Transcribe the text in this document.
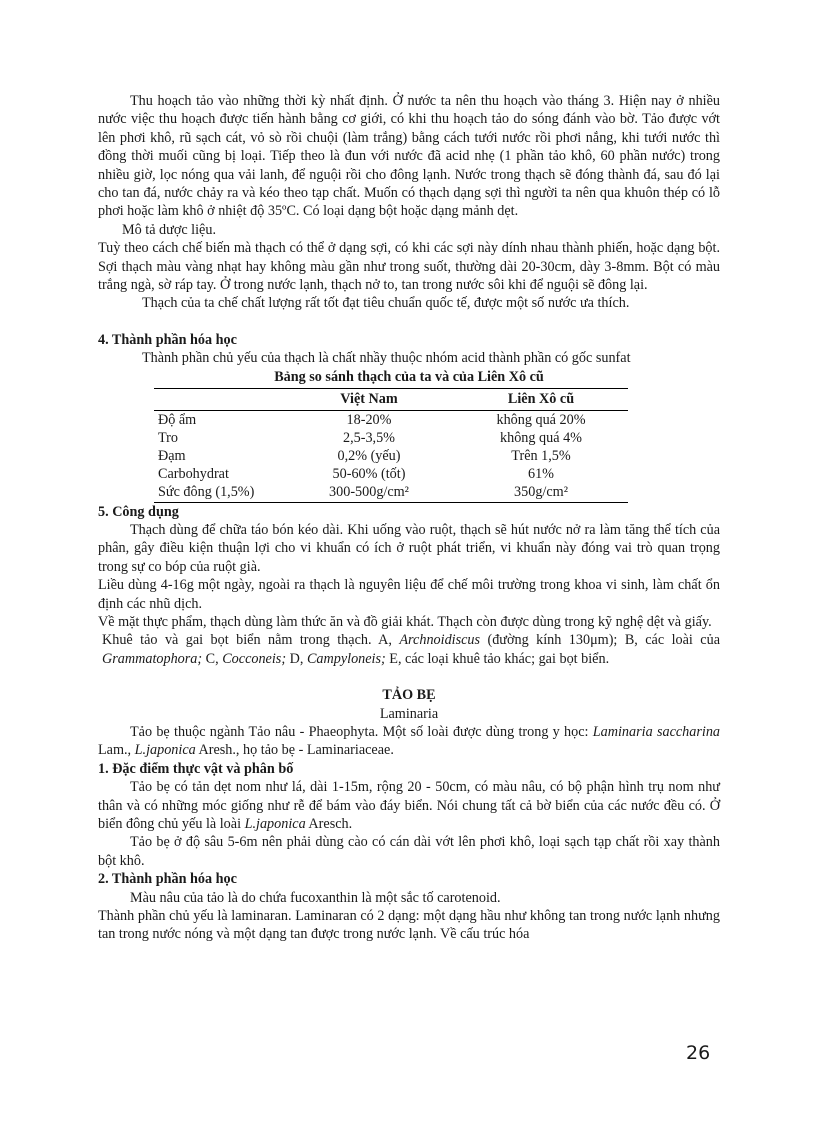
Thu hoạch tảo vào những thời kỳ nhất định. Ở nước ta nên thu hoạch vào tháng 3. Hiện nay ở nhiều nước việc thu hoạch được tiến hành bằng cơ giới, có khi thu hoạch tảo do sóng đánh vào bờ. Tảo được vớt lên phơi khô, rũ sạch cát, vỏ sò rồi chuội (làm trắng) bằng cách tưới nước rồi phơi nắng, khi tưới nước thì đồng thời muối cũng bị loại. Tiếp theo là đun với nước đã acid nhẹ (1 phần tảo khô, 60 phần nước) trong nhiều giờ, lọc nóng qua vải lanh, để nguội rồi cho đông lạnh. Nước trong thạch sẽ đóng thành đá, sau đó lại cho tan đá, nước chảy ra và kéo theo tạp chất. Muốn có thạch dạng sợi thì người ta nên qua khuôn thép có lỗ phơi hoặc làm khô ở nhiệt độ 35ºC. Có loại dạng bột hoặc dạng mảnh dẹt.

Mô tả dược liệu.

Tuỳ theo cách chế biến mà thạch có thể ở dạng sợi, có khi các sợi này dính nhau thành phiến, hoặc dạng bột. Sợi thạch màu vàng nhạt hay không màu gần như trong suốt, thường dài 20-30cm, dày 3-8mm. Bột có màu trắng ngà, sờ ráp tay. Ở trong nước lạnh, thạch nở to, tan trong nước sôi khi để nguội sẽ đông lại.

Thạch của ta chế chất lượng rất tốt đạt tiêu chuẩn quốc tế, được một số nước ưa thích.

4. Thành phần hóa học

Thành phần chủ yếu của thạch là chất nhầy thuộc nhóm acid thành phần có gốc sunfat

Bảng so sánh thạch của ta và của Liên Xô cũ

	Việt Nam	Liên Xô cũ
Độ ẩm	18-20%	không quá 20%
Tro	2,5-3,5%	không quá 4%
Đạm	0,2% (yếu)	Trên 1,5%
Carbohydrat	50-60% (tốt)	61%
Sức đông (1,5%)	300-500g/cm²	350g/cm²

5. Công dụng

Thạch dùng để chữa táo bón kéo dài. Khi uống vào ruột, thạch sẽ hút nước nở ra làm tăng thể tích của phân, gây điều kiện thuận lợi cho vi khuẩn có ích ở ruột phát triển, vi khuẩn này đóng vai trò quan trọng trong sự co bóp của ruột già.

Liều dùng 4-16g một ngày, ngoài ra thạch là nguyên liệu để chế môi trường trong khoa vi sinh, làm chất ổn định các nhũ dịch.

Về mặt thực phẩm, thạch dùng làm thức ăn và đồ giải khát. Thạch còn được dùng trong kỹ nghệ dệt và giấy.

Khuê tảo và gai bọt biển nằm trong thạch. A, Archnoidiscus (đường kính 130μm); B, các loài của Grammatophora; C, Cocconeis; D, Campyloneis; E, các loại khuê tảo khác; gai bọt biển.

TẢO BẸ

Laminaria

Tảo bẹ thuộc ngành Tảo nâu - Phaeophyta. Một số loài được dùng trong y học: Laminaria saccharina Lam., L.japonica Aresh., họ tảo bẹ - Laminariaceae.

1. Đặc điểm thực vật và phân bố

Tảo bẹ có tản dẹt nom như lá, dài 1-15m, rộng 20 - 50cm, có màu nâu, có bộ phận hình trụ nom như thân và có những móc giống như rễ để bám vào đáy biển. Nói chung tất cả bờ biển của các nước đều có. Ở biển đông chủ yếu là loài L.japonica Aresch.

Tảo bẹ ở độ sâu 5-6m nên phải dùng cào có cán dài vớt lên phơi khô, loại sạch tạp chất rồi xay thành bột khô.

2. Thành phần hóa học

Màu nâu của tảo là do chứa fucoxanthin là một sắc tố carotenoid.

Thành phần chủ yếu là laminaran. Laminaran có 2 dạng: một dạng hầu như không tan trong nước lạnh nhưng tan trong nước nóng và một dạng tan được trong nước lạnh. Về cấu trúc hóa

26
